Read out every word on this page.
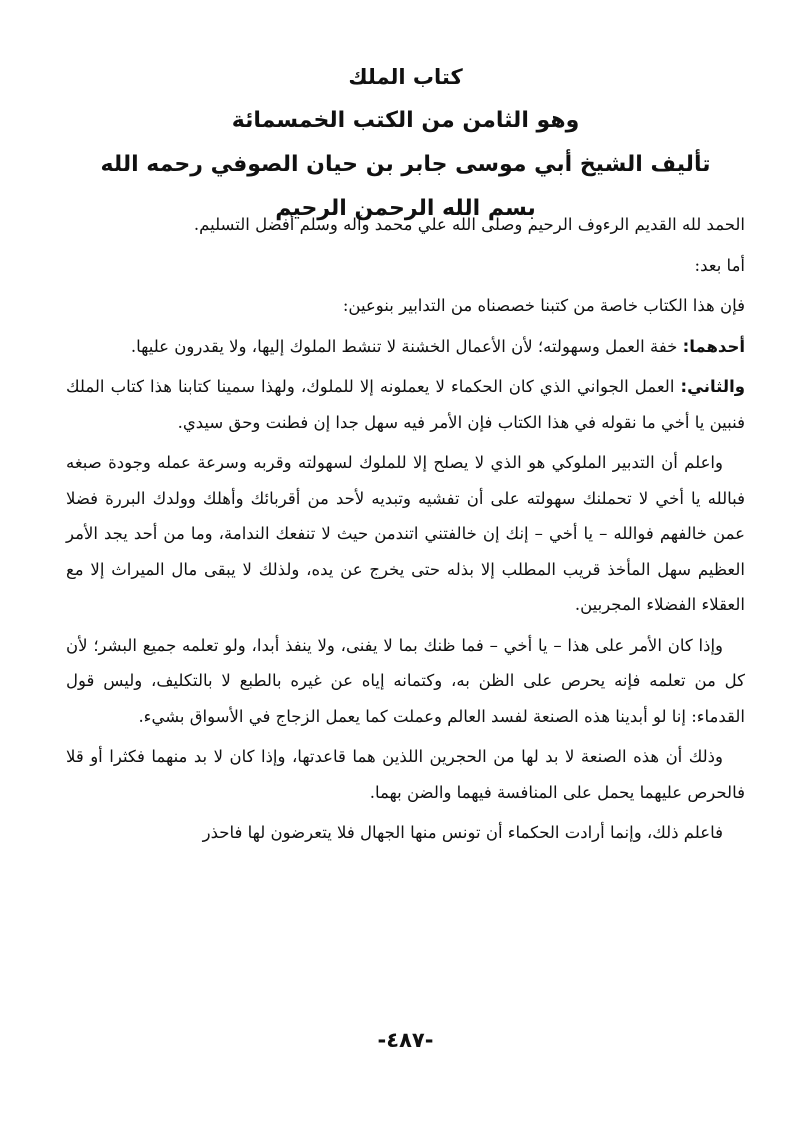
كتاب الملك
وهو الثامن من الكتب الخمسمائة
تأليف الشيخ أبي موسى جابر بن حيان الصوفي رحمه الله
بسم الله الرحمن الرحيم

الحمد لله القديم الرءوف الرحيم وصلى الله علي محمد وآله وسلم أفضل التسليم.

أما بعد:

فإن هذا الكتاب خاصة من كتبنا خصصناه من التدابير بنوعين:

أحدهما: خفة العمل وسهولته؛ لأن الأعمال الخشنة لا تنشط الملوك إليها، ولا يقدرون عليها.

والثاني: العمل الجواني الذي كان الحكماء لا يعملونه إلا للملوك، ولهذا سمينا كتابنا هذا كتاب الملك فنبين يا أخي ما نقوله في هذا الكتاب فإن الأمر فيه سهل جدا إن فطنت وحق سيدي.

واعلم أن التدبير الملوكي هو الذي لا يصلح إلا للملوك لسهولته وقربه وسرعة عمله وجودة صبغه فبالله يا أخي لا تحملنك سهولته على أن تفشيه وتبديه لأحد من أقربائك وأهلك وولدك البررة فضلا عمن خالفهم فوالله – يا أخي – إنك إن خالفتني اتندمن حيث لا تنفعك الندامة، وما من أحد يجد الأمر العظيم سهل المأخذ قريب المطلب إلا بذله حتى يخرج عن يده، ولذلك لا يبقى مال الميراث إلا مع العقلاء الفضلاء المجربين.

وإذا كان الأمر على هذا – يا أخي – فما ظنك بما لا يفنى، ولا ينفذ أبدا، ولو تعلمه جميع البشر؛ لأن كل من تعلمه فإنه يحرص على الظن به، وكتمانه إياه عن غيره بالطبع لا بالتكليف، وليس قول القدماء: إنا لو أبدينا هذه الصنعة لفسد العالم وعملت كما يعمل الزجاج في الأسواق بشيء.

وذلك أن هذه الصنعة لا بد لها من الحجرين اللذين هما قاعدتها، وإذا كان لا بد منهما فكثرا أو قلا فالحرص عليهما يحمل على المنافسة فيهما والضن بهما.

فاعلم ذلك، وإنما أرادت الحكماء أن تونس منها الجهال فلا يتعرضون لها فاحذر

-٤٨٧-
